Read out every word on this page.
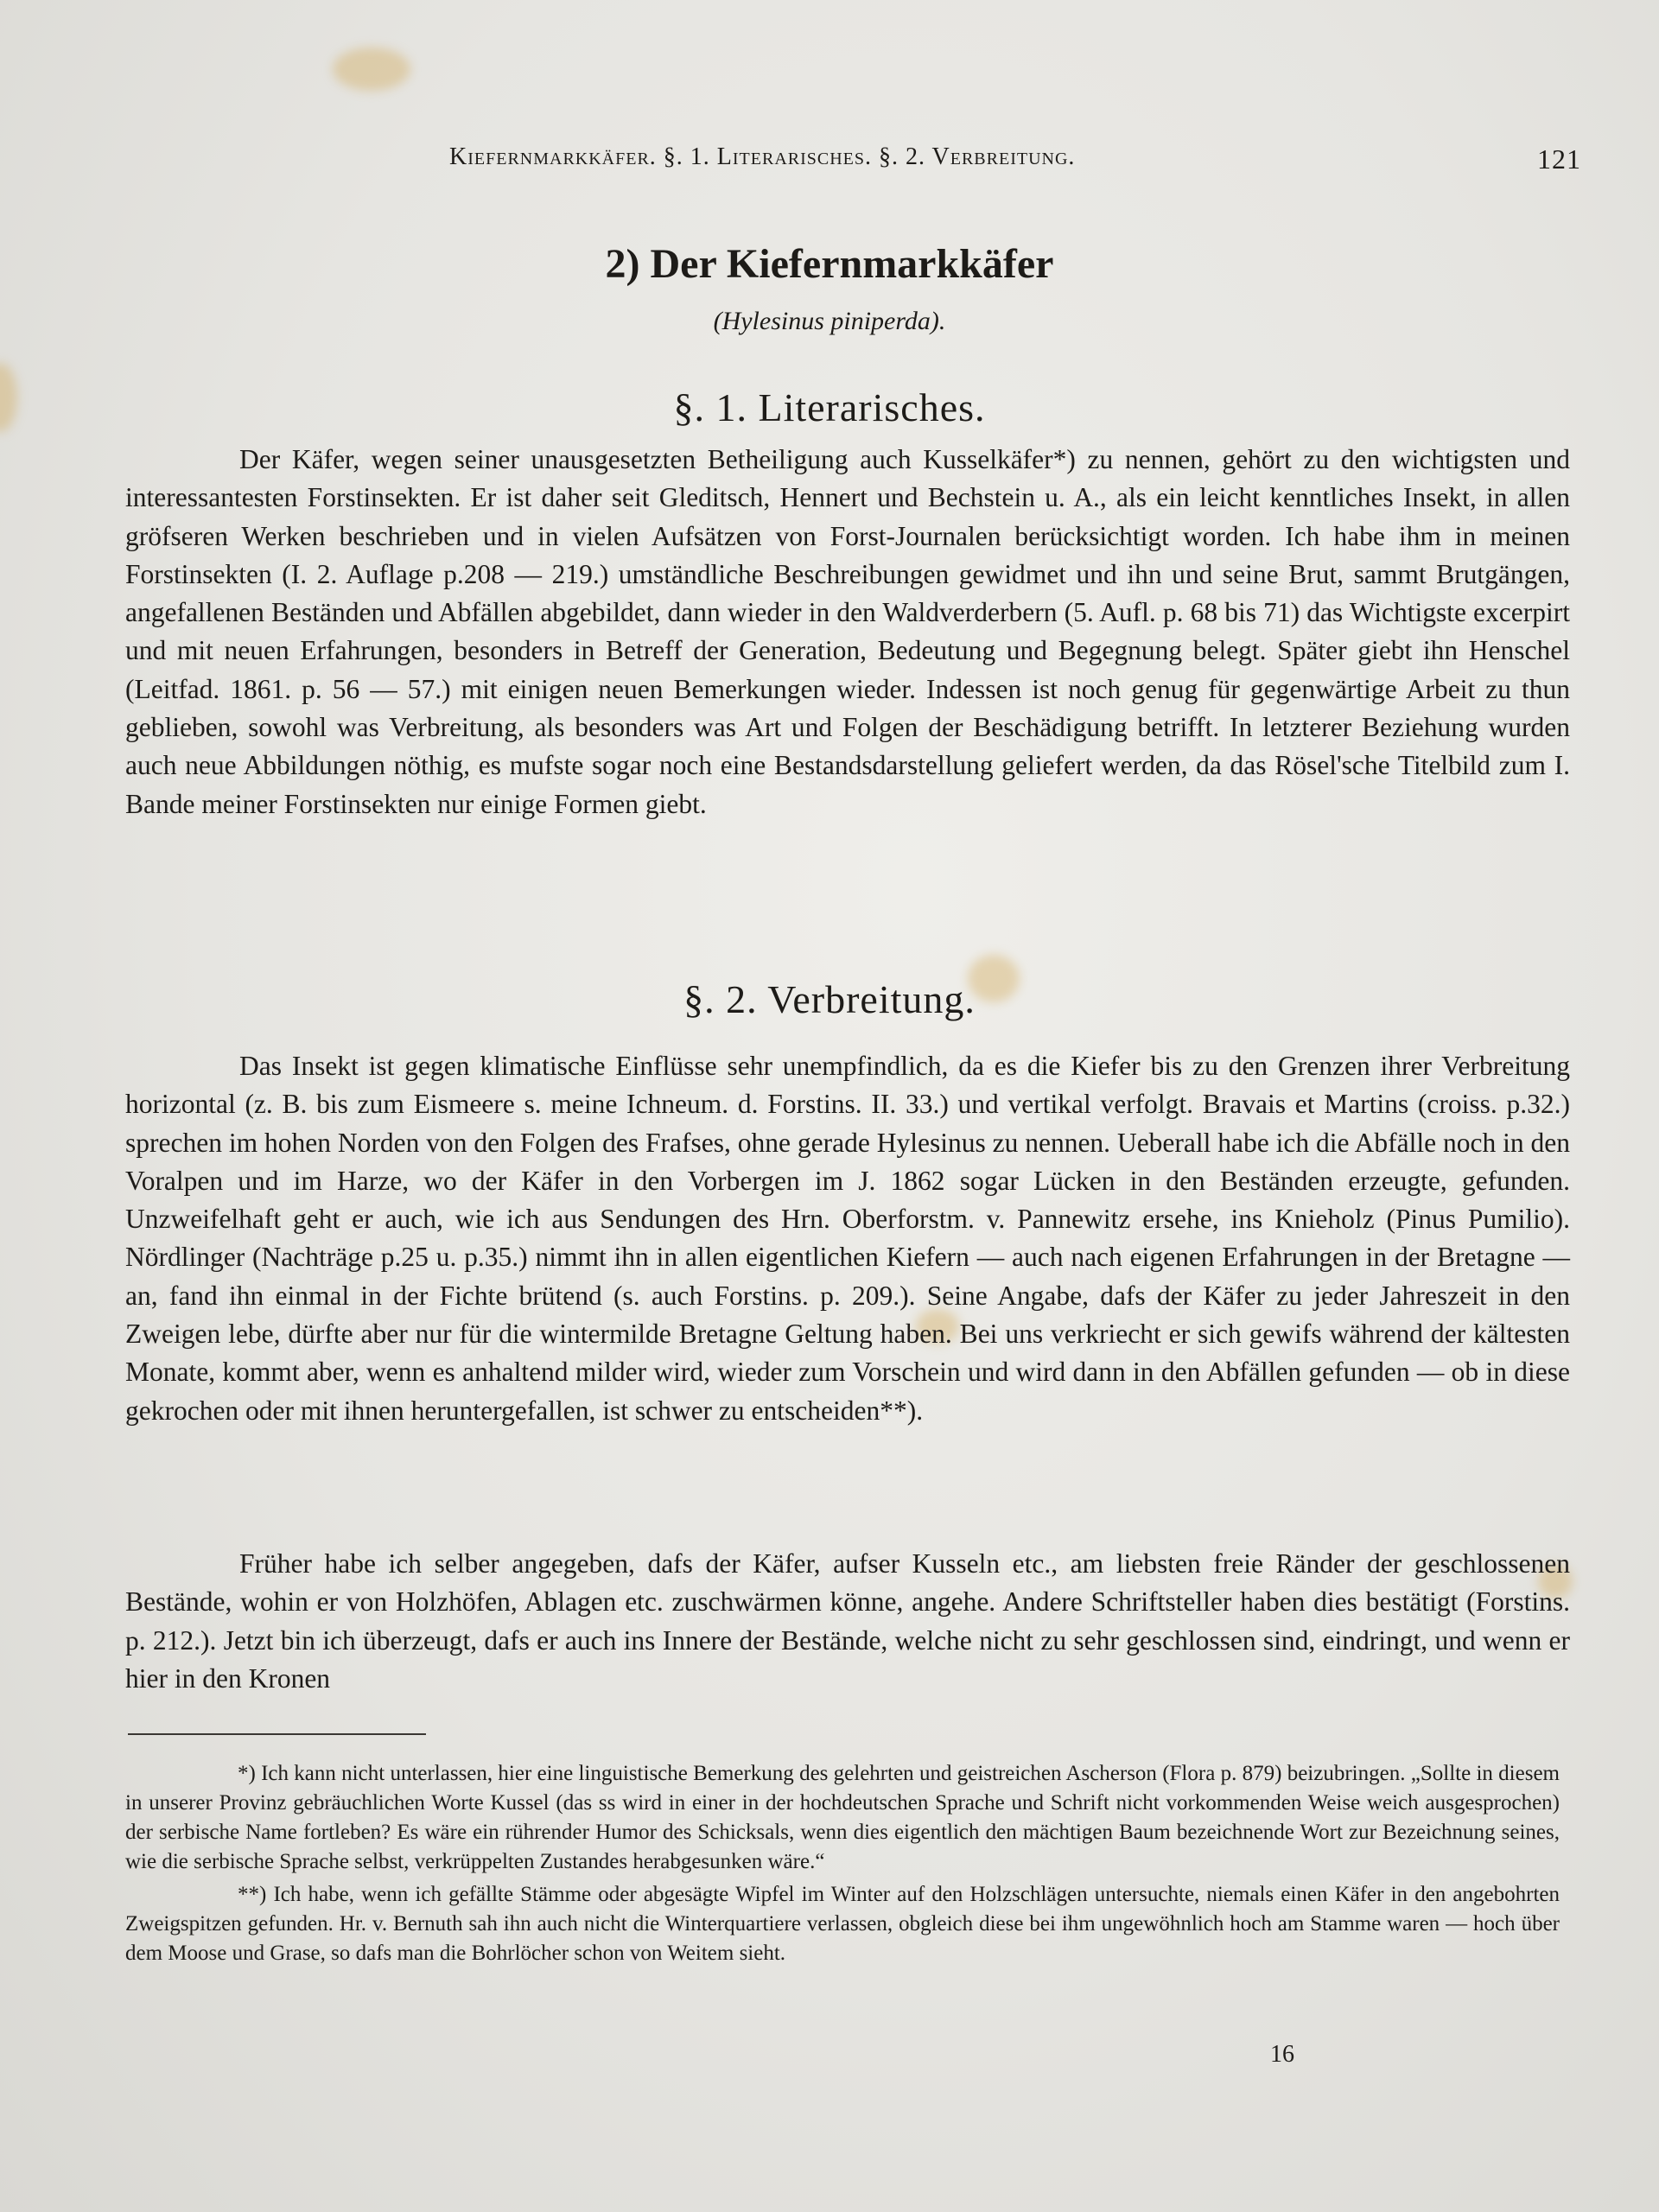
Kiefernmarkkäfer. §. 1. Literarisches. §. 2. Verbreitung.	121
2) Der Kiefernmarkkäfer
(Hylesinus piniperda).
§. 1. Literarisches.

Der Käfer, wegen seiner unausgesetzten Betheiligung auch Kusselkäfer*) zu nennen, gehört zu den wichtigsten und interessantesten Forstinsekten. Er ist daher seit Gleditsch, Hennert und Bechstein u. A., als ein leicht kenntliches Insekt, in allen gröfseren Werken beschrieben und in vielen Aufsätzen von Forst-Journalen berücksichtigt worden. Ich habe ihm in meinen Forstinsekten (I. 2. Auflage p.208 — 219.) umständliche Beschreibungen gewidmet und ihn und seine Brut, sammt Brutgängen, angefallenen Beständen und Abfällen abgebildet, dann wieder in den Waldverderbern (5. Aufl. p. 68 bis 71) das Wichtigste excerpirt und mit neuen Erfahrungen, besonders in Betreff der Generation, Bedeutung und Begegnung belegt. Später giebt ihn Henschel (Leitfad. 1861. p. 56 — 57.) mit einigen neuen Bemerkungen wieder. Indessen ist noch genug für gegenwärtige Arbeit zu thun geblieben, sowohl was Verbreitung, als besonders was Art und Folgen der Beschädigung betrifft. In letzterer Beziehung wurden auch neue Abbildungen nöthig, es mufste sogar noch eine Bestandsdarstellung geliefert werden, da das Rösel'sche Titelbild zum I. Bande meiner Forstinsekten nur einige Formen giebt.

§. 2. Verbreitung.

Das Insekt ist gegen klimatische Einflüsse sehr unempfindlich, da es die Kiefer bis zu den Grenzen ihrer Verbreitung horizontal (z. B. bis zum Eismeere s. meine Ichneum. d. Forstins. II. 33.) und vertikal verfolgt. Bravais et Martins (croiss. p.32.) sprechen im hohen Norden von den Folgen des Frafses, ohne gerade Hylesinus zu nennen. Ueberall habe ich die Abfälle noch in den Voralpen und im Harze, wo der Käfer in den Vorbergen im J. 1862 sogar Lücken in den Beständen erzeugte, gefunden. Unzweifelhaft geht er auch, wie ich aus Sendungen des Hrn. Oberforstm. v. Pannewitz ersehe, ins Knieholz (Pinus Pumilio). Nördlinger (Nachträge p.25 u. p.35.) nimmt ihn in allen eigentlichen Kiefern — auch nach eigenen Erfahrungen in der Bretagne — an, fand ihn einmal in der Fichte brütend (s. auch Forstins. p. 209.). Seine Angabe, dafs der Käfer zu jeder Jahreszeit in den Zweigen lebe, dürfte aber nur für die wintermilde Bretagne Geltung haben. Bei uns verkriecht er sich gewifs während der kältesten Monate, kommt aber, wenn es anhaltend milder wird, wieder zum Vorschein und wird dann in den Abfällen gefunden — ob in diese gekrochen oder mit ihnen heruntergefallen, ist schwer zu entscheiden**).

Früher habe ich selber angegeben, dafs der Käfer, aufser Kusseln etc., am liebsten freie Ränder der geschlossenen Bestände, wohin er von Holzhöfen, Ablagen etc. zuschwärmen könne, angehe. Andere Schriftsteller haben dies bestätigt (Forstins. p. 212.). Jetzt bin ich überzeugt, dafs er auch ins Innere der Bestände, welche nicht zu sehr geschlossen sind, eindringt, und wenn er hier in den Kronen

*) Ich kann nicht unterlassen, hier eine linguistische Bemerkung des gelehrten und geistreichen Ascherson (Flora p. 879) beizubringen. „Sollte in diesem in unserer Provinz gebräuchlichen Worte Kussel (das ss wird in einer in der hochdeutschen Sprache und Schrift nicht vorkommenden Weise weich ausgesprochen) der serbische Name fortleben? Es wäre ein rührender Humor des Schicksals, wenn dies eigentlich den mächtigen Baum bezeichnende Wort zur Bezeichnung seines, wie die serbische Sprache selbst, verkrüppelten Zustandes herabgesunken wäre.“

**) Ich habe, wenn ich gefällte Stämme oder abgesägte Wipfel im Winter auf den Holzschlägen untersuchte, niemals einen Käfer in den angebohrten Zweigspitzen gefunden. Hr. v. Bernuth sah ihn auch nicht die Winterquartiere verlassen, obgleich diese bei ihm ungewöhnlich hoch am Stamme waren — hoch über dem Moose und Grase, so dafs man die Bohrlöcher schon von Weitem sieht.

16
